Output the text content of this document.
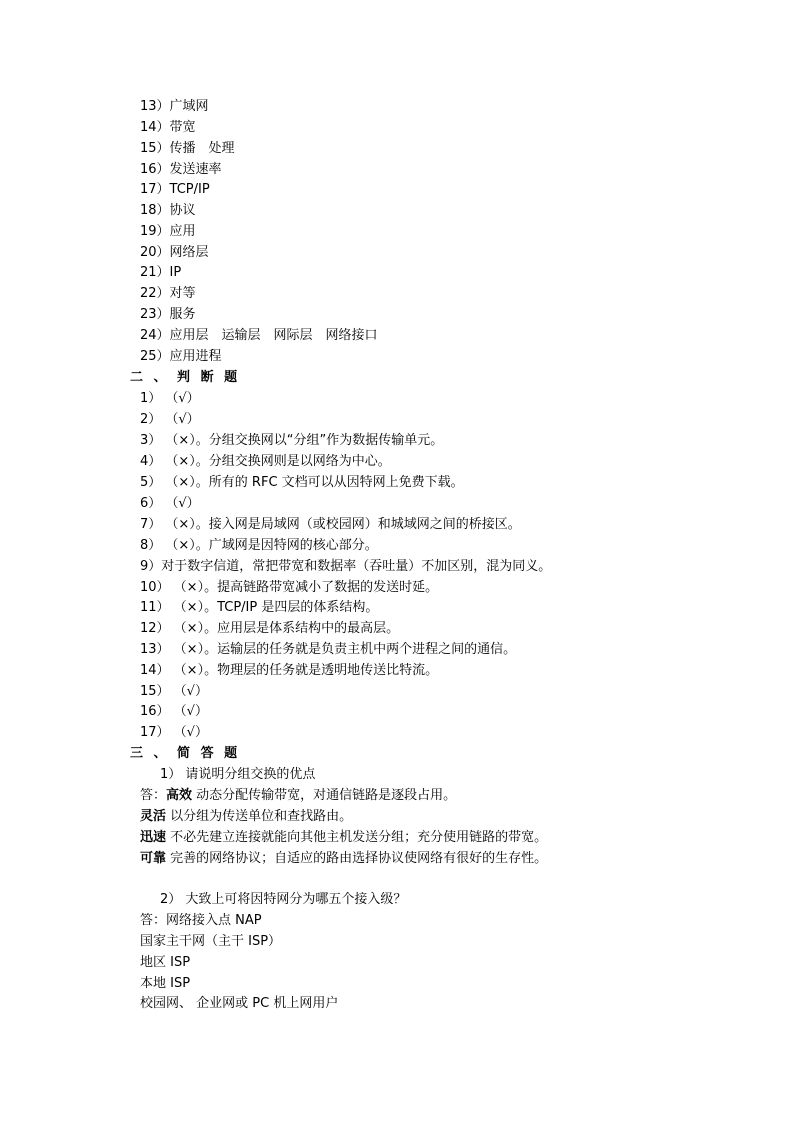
13）广域网
14）带宽
15）传播　处理
16）发送速率
17）TCP/IP
18）协议
19）应用
20）网络层
21）IP
22）对等
23）服务
24）应用层　运输层　网际层　网络接口
25）应用进程
二 、 判 断 题
1） （√）
2） （√）
3） （×）。分组交换网以“分组”作为数据传输单元。
4） （×）。分组交换网则是以网络为中心。
5） （×）。所有的 RFC 文档可以从因特网上免费下载。
6） （√）
7） （×）。接入网是局域网（或校园网）和城域网之间的桥接区。
8） （×）。广域网是因特网的核心部分。
9）对于数字信道，常把带宽和数据率（吞吐量）不加区别，混为同义。
10） （×）。提高链路带宽减小了数据的发送时延。
11） （×）。TCP/IP 是四层的体系结构。
12） （×）。应用层是体系结构中的最高层。
13） （×）。运输层的任务就是负责主机中两个进程之间的通信。
14） （×）。物理层的任务就是透明地传送比特流。
15） （√）
16） （√）
17） （√）
三 、 简 答 题
1） 请说明分组交换的优点
答：高效 动态分配传输带宽，对通信链路是逐段占用。
灵活 以分组为传送单位和查找路由。
迅速 不必先建立连接就能向其他主机发送分组；充分使用链路的带宽。
可靠 完善的网络协议；自适应的路由选择协议使网络有很好的生存性。
2） 大致上可将因特网分为哪五个接入级？
答：网络接入点 NAP
国家主干网（主干 ISP）
地区 ISP
本地 ISP
校园网、 企业网或 PC 机上网用户
